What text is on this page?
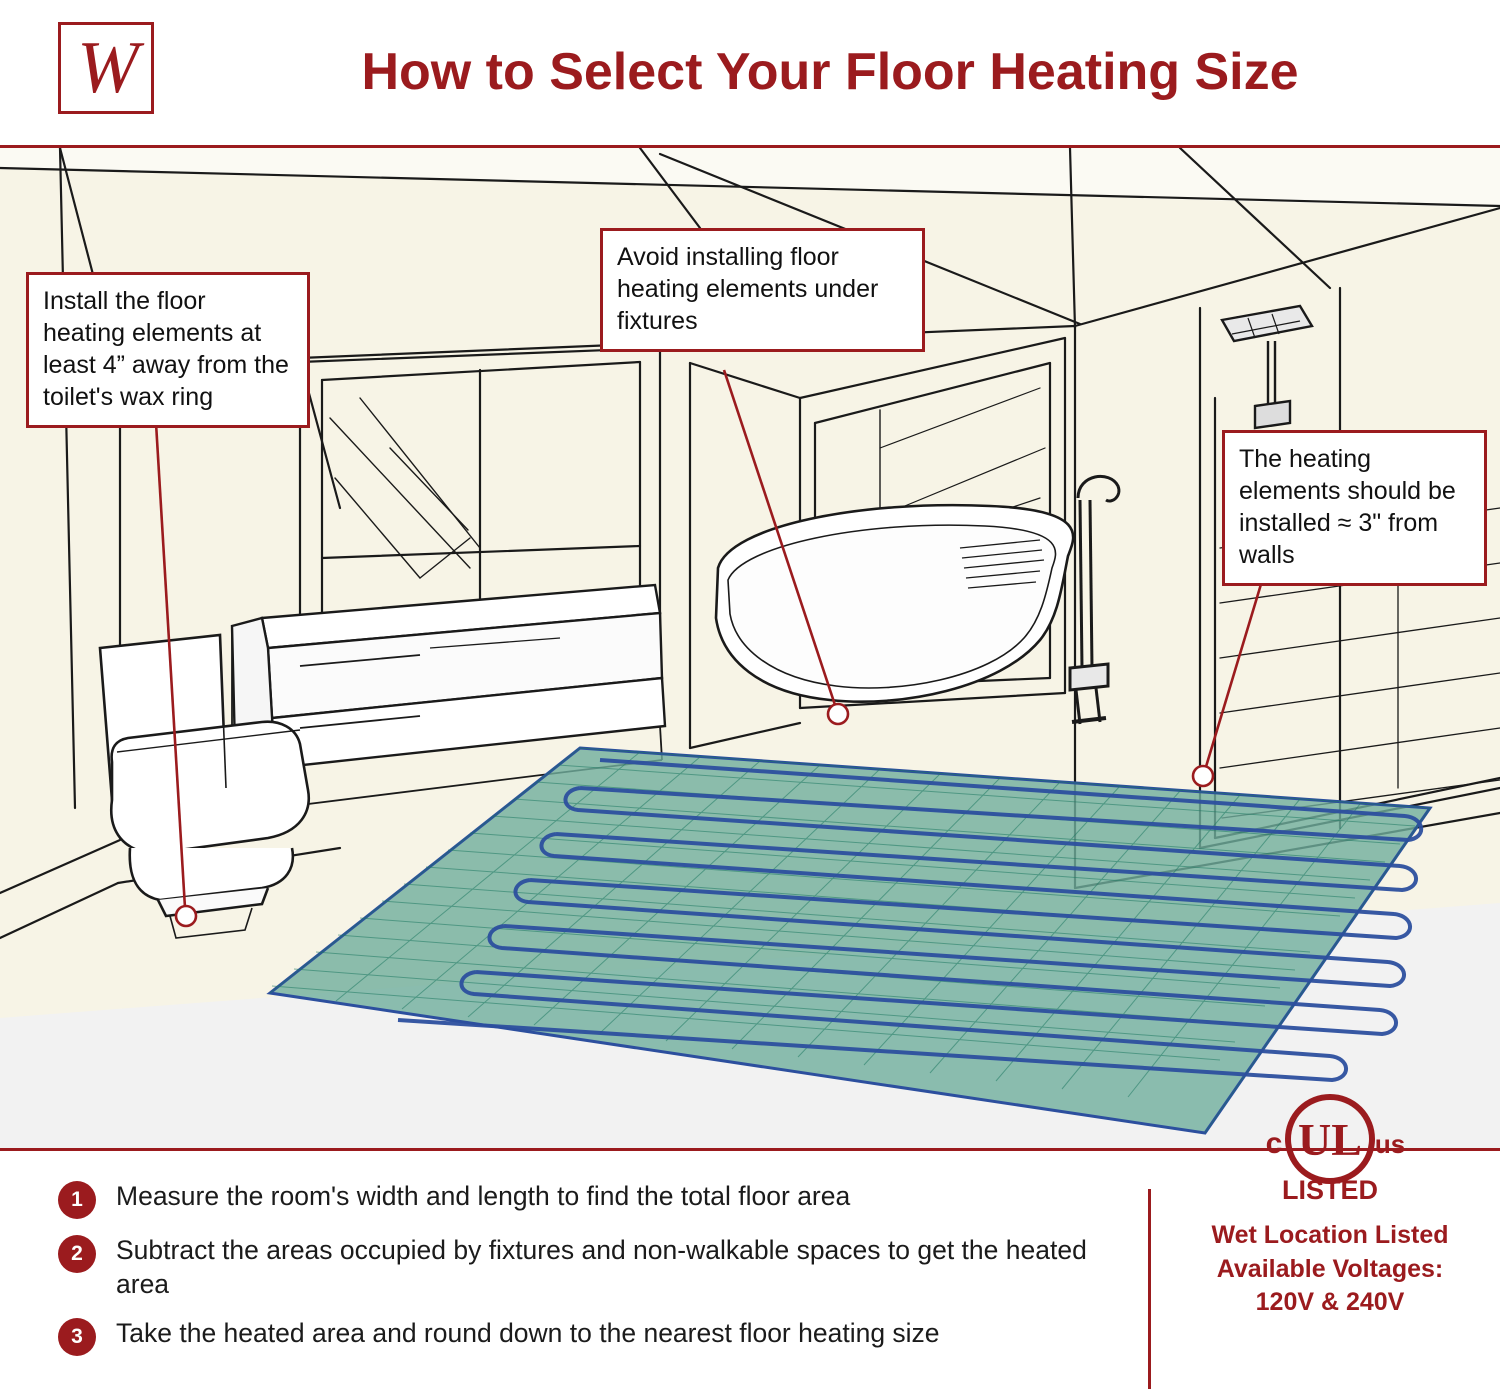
W	How to Select Your Floor Heating Size
Install the floor heating elements at least 4” away from the toilet's wax ring
Avoid installing floor heating elements under fixtures
The heating elements should be installed ≈ 3" from walls
1	Measure the room's width and length to find the total floor area
2	Subtract the areas occupied by fixtures and non-walkable spaces to get the heated area
3	Take the heated area and round down to the nearest floor heating size
UL
c	us
LISTED
Wet Location Listed
Available Voltages:
120V & 240V
